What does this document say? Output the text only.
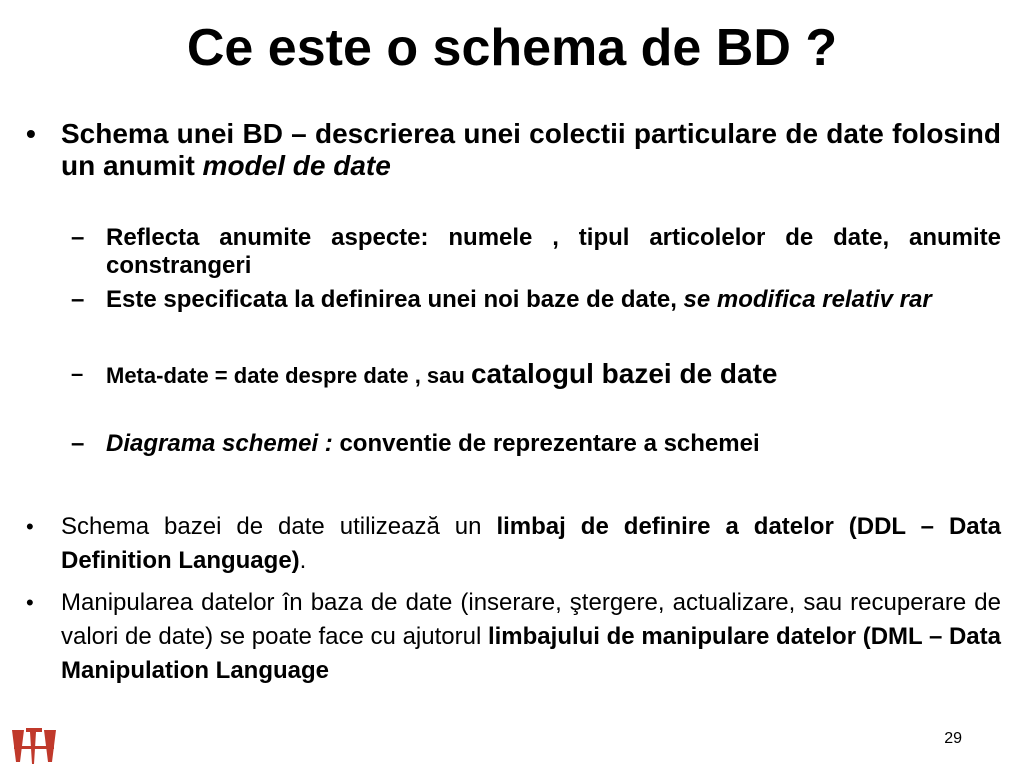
Ce este o schema de BD ?

• Schema unei BD – descrierea unei colectii particulare de date folosind un anumit model de date

– Reflecta anumite aspecte: numele , tipul articolelor de date, anumite constrangeri

– Este specificata la definirea unei noi baze de date, se modifica relativ rar

– Meta-date = date despre date , sau catalogul bazei de date

– Diagrama schemei : conventie de reprezentare a schemei

• Schema bazei de date utilizează un limbaj de definire a datelor (DDL – Data Definition Language).

• Manipularea datelor în baza de date (inserare, ştergere, actualizare, sau recuperare de valori de date) se poate face cu ajutorul limbajului de manipulare datelor (DML – Data Manipulation Language

29
